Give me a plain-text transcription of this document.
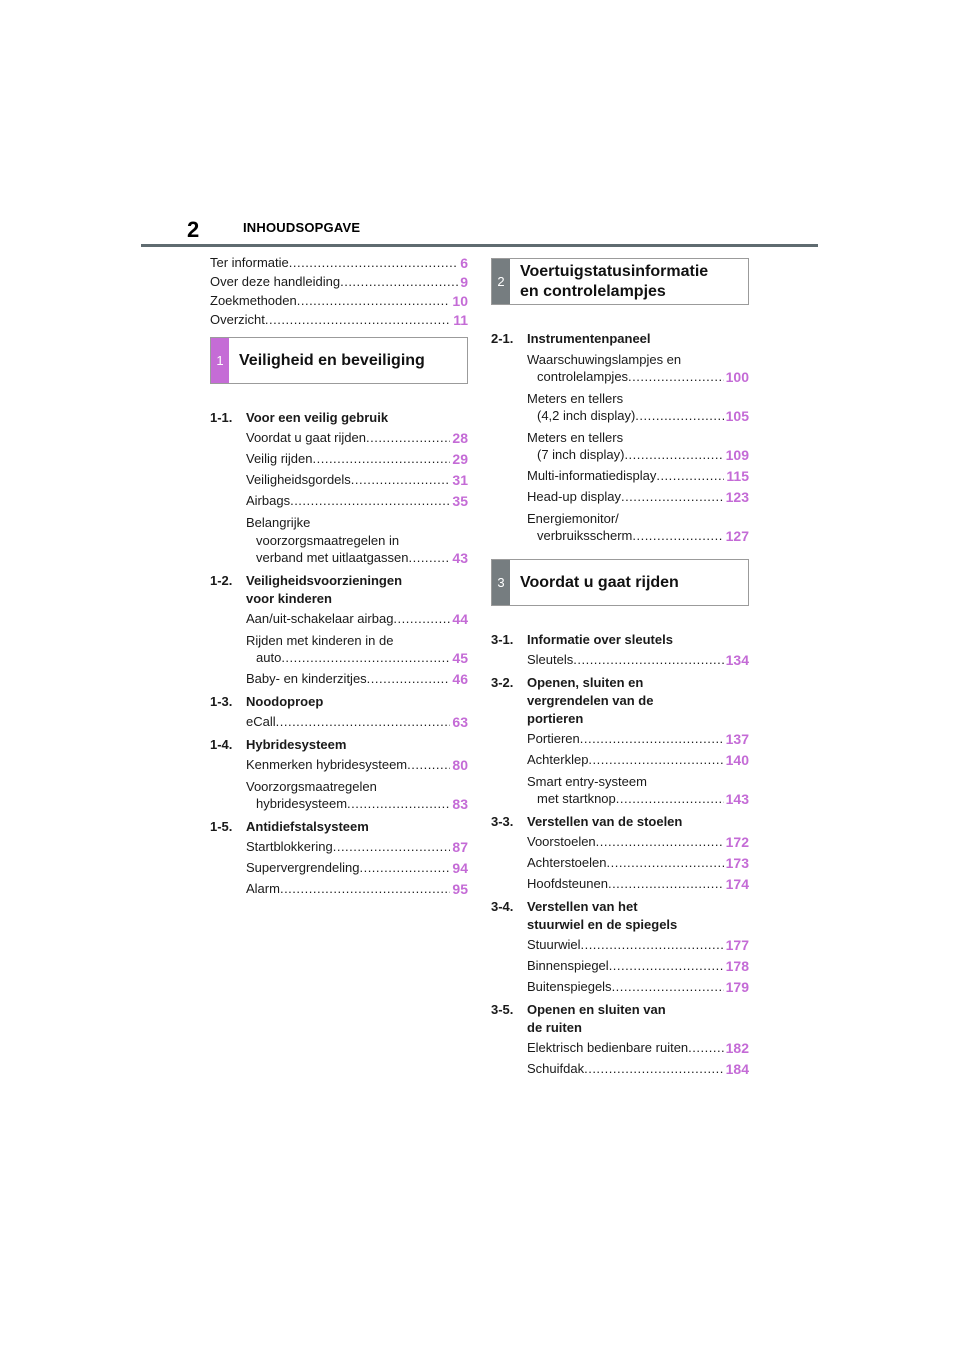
2	INHOUDSOPGAVE
Ter informatie .....	6
Over deze handleiding .....	9
Zoekmethoden .....	10
Overzicht .....	11
1 Veiligheid en beveiliging
1-1.	Voor een veilig gebruik
Voordat u gaat rijden .....	28
Veilig rijden .....	29
Veiligheidsgordels .....	31
Airbags .....	35
Belangrijke
voorzorgsmaatregelen in
verband met uitlaatgassen .....	43
1-2.	Veiligheidsvoorzieningen
voor kinderen
Aan/uit-schakelaar airbag .....	44
Rijden met kinderen in de
auto .....	45
Baby- en kinderzitjes .....	46
1-3.	Noodoproep
eCall .....	63
1-4.	Hybridesysteem
Kenmerken hybridesysteem .....	80
Voorzorgsmaatregelen
hybridesysteem .....	83
1-5.	Antidiefstalsysteem
Startblokkering .....	87
Supervergrendeling .....	94
Alarm .....	95
2
Voertuigstatusinformatie
en controlelampjes
2-1.	Instrumentenpaneel
Waarschuwingslampjes en
controlelampjes .....	100
Meters en tellers
(4,2 inch display) .....	105
Meters en tellers
(7 inch display) .....	109
Multi-informatiedisplay .....	115
Head-up display .....	123
Energiemonitor/
verbruiksscherm .....	127
3 Voordat u gaat rijden
3-1.	Informatie over sleutels
Sleutels .....	134
3-2.	Openen, sluiten en
vergrendelen van de
portieren
Portieren .....	137
Achterklep .....	140
Smart entry-systeem
met startknop .....	143
3-3.	Verstellen van de stoelen
Voorstoelen .....	172
Achterstoelen .....	173
Hoofdsteunen .....	174
3-4.	Verstellen van het
stuurwiel en de spiegels
Stuurwiel .....	177
Binnenspiegel .....	178
Buitenspiegels .....	179
3-5.	Openen en sluiten van
de ruiten
Elektrisch bedienbare ruiten .....	182
Schuifdak .....	184
